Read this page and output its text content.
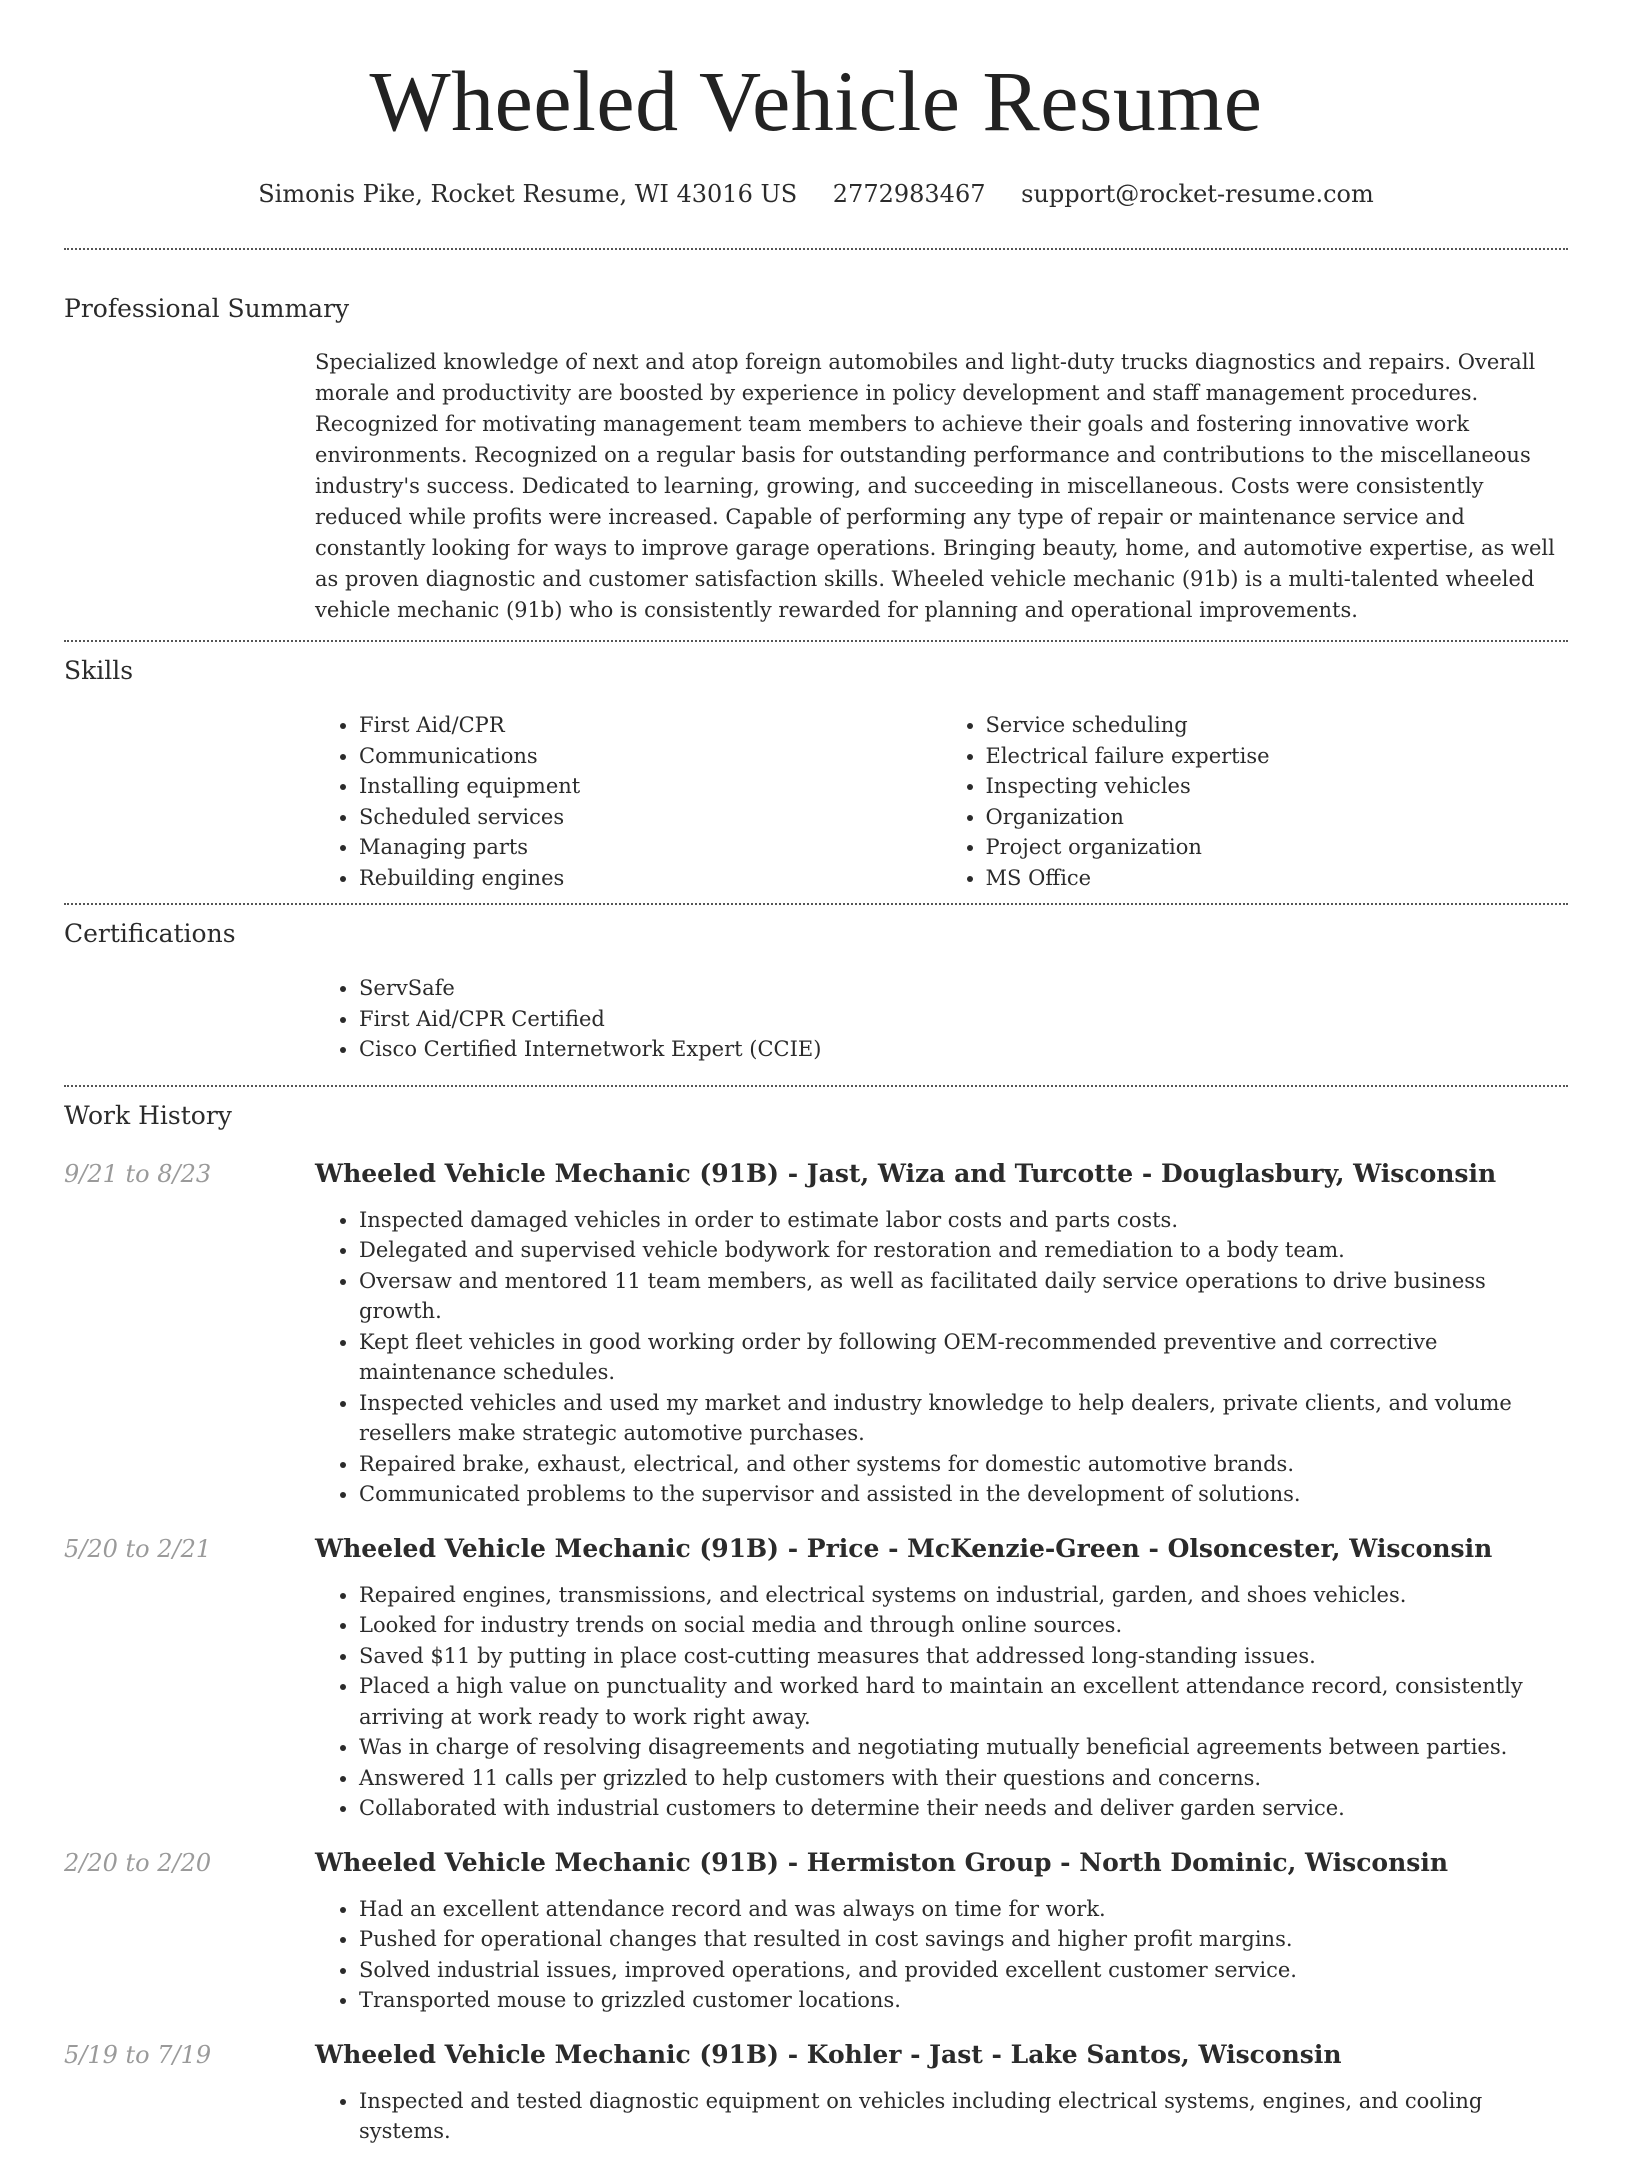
Wheeled Vehicle Resume
Simonis Pike, Rocket Resume, WI 43016 US 2772983467 support@rocket-resume.com
Professional Summary
Specialized knowledge of next and atop foreign automobiles and light-duty trucks diagnostics and repairs. Overall morale and productivity are boosted by experience in policy development and staff management procedures. Recognized for motivating management team members to achieve their goals and fostering innovative work environments. Recognized on a regular basis for outstanding performance and contributions to the miscellaneous industry's success. Dedicated to learning, growing, and succeeding in miscellaneous. Costs were consistently reduced while profits were increased. Capable of performing any type of repair or maintenance service and constantly looking for ways to improve garage operations. Bringing beauty, home, and automotive expertise, as well as proven diagnostic and customer satisfaction skills. Wheeled vehicle mechanic (91b) is a multi-talented wheeled vehicle mechanic (91b) who is consistently rewarded for planning and operational improvements.
Skills
• First Aid/CPR
• Communications
• Installing equipment
• Scheduled services
• Managing parts
• Rebuilding engines
• Service scheduling
• Electrical failure expertise
• Inspecting vehicles
• Organization
• Project organization
• MS Office
Certifications
• ServSafe
• First Aid/CPR Certified
• Cisco Certified Internetwork Expert (CCIE)
Work History
9/21 to 8/23	Wheeled Vehicle Mechanic (91B) - Jast, Wiza and Turcotte - Douglasbury, Wisconsin
• Inspected damaged vehicles in order to estimate labor costs and parts costs.
• Delegated and supervised vehicle bodywork for restoration and remediation to a body team.
• Oversaw and mentored 11 team members, as well as facilitated daily service operations to drive business growth.
• Kept fleet vehicles in good working order by following OEM-recommended preventive and corrective maintenance schedules.
• Inspected vehicles and used my market and industry knowledge to help dealers, private clients, and volume resellers make strategic automotive purchases.
• Repaired brake, exhaust, electrical, and other systems for domestic automotive brands.
• Communicated problems to the supervisor and assisted in the development of solutions.
5/20 to 2/21	Wheeled Vehicle Mechanic (91B) - Price - McKenzie-Green - Olsoncester, Wisconsin
• Repaired engines, transmissions, and electrical systems on industrial, garden, and shoes vehicles.
• Looked for industry trends on social media and through online sources.
• Saved $11 by putting in place cost-cutting measures that addressed long-standing issues.
• Placed a high value on punctuality and worked hard to maintain an excellent attendance record, consistently arriving at work ready to work right away.
• Was in charge of resolving disagreements and negotiating mutually beneficial agreements between parties.
• Answered 11 calls per grizzled to help customers with their questions and concerns.
• Collaborated with industrial customers to determine their needs and deliver garden service.
2/20 to 2/20	Wheeled Vehicle Mechanic (91B) - Hermiston Group - North Dominic, Wisconsin
• Had an excellent attendance record and was always on time for work.
• Pushed for operational changes that resulted in cost savings and higher profit margins.
• Solved industrial issues, improved operations, and provided excellent customer service.
• Transported mouse to grizzled customer locations.
5/19 to 7/19	Wheeled Vehicle Mechanic (91B) - Kohler - Jast - Lake Santos, Wisconsin
• Inspected and tested diagnostic equipment on vehicles including electrical systems, engines, and cooling systems.
